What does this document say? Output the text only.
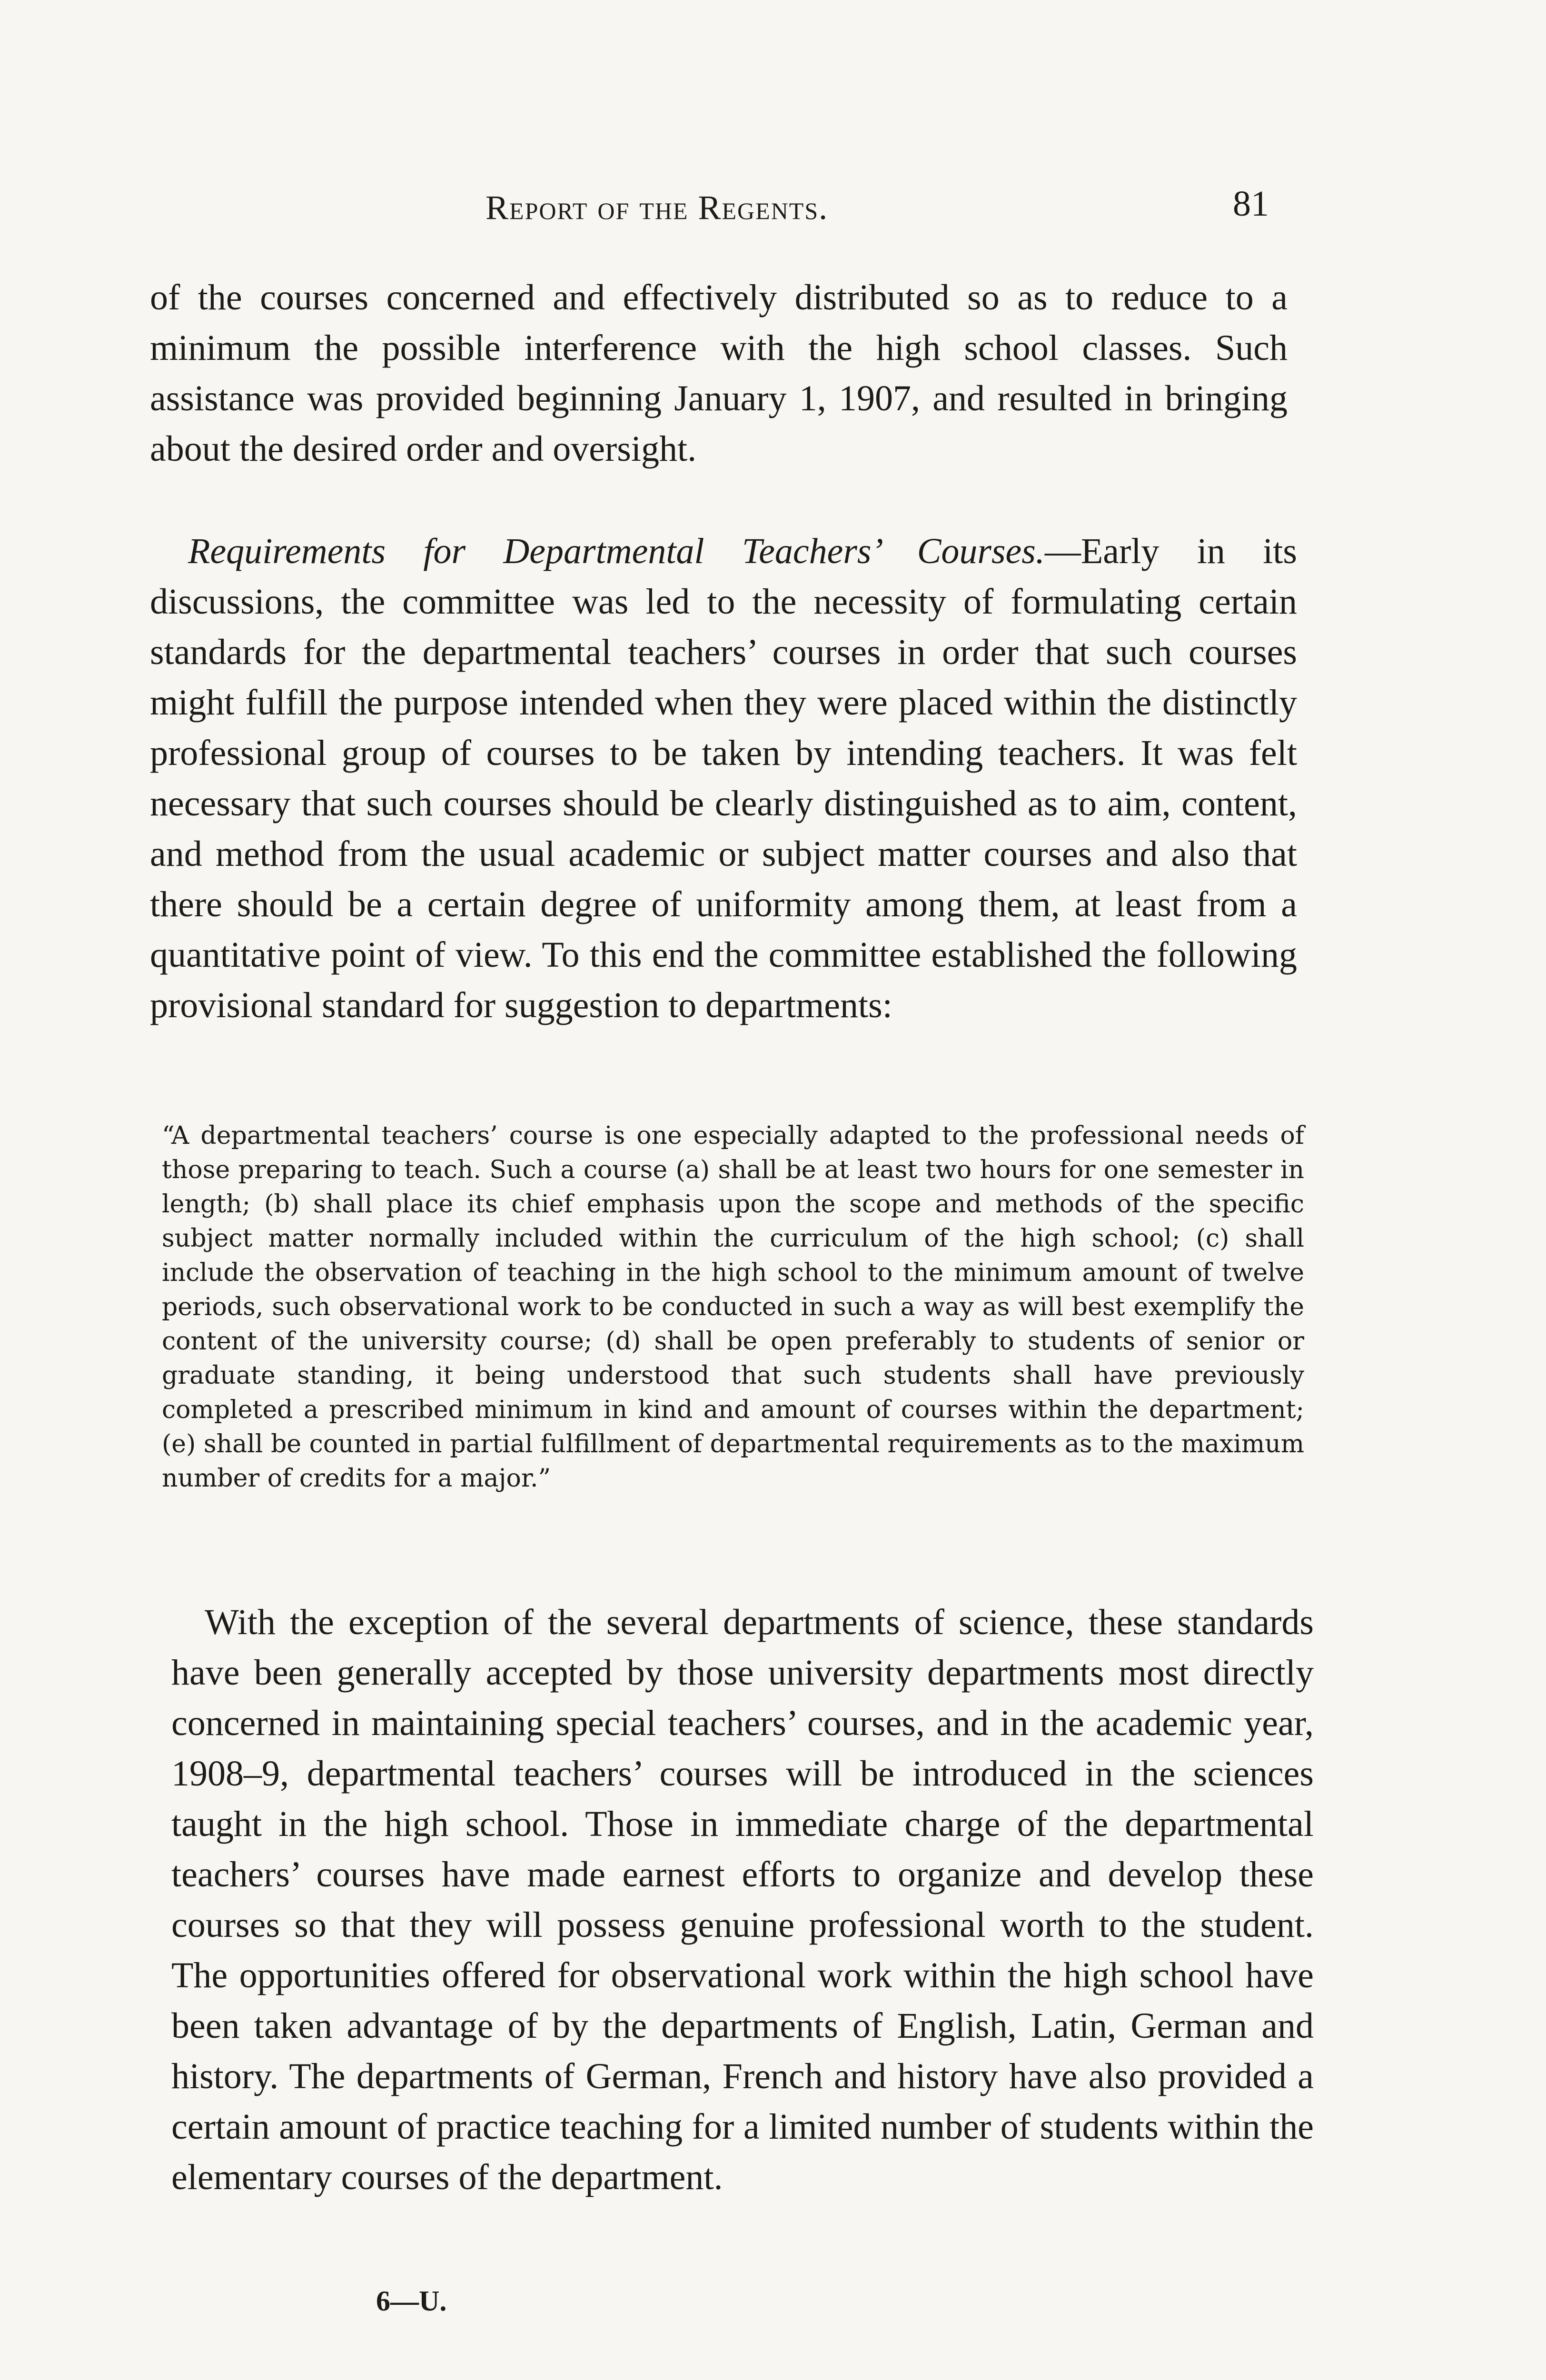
Report of the Regents.	81

of the courses concerned and effectively distributed so as to reduce to a minimum the possible interference with the high school classes. Such assistance was provided beginning January 1, 1907, and resulted in bringing about the desired order and oversight.

Requirements for Departmental Teachers’ Courses.—Early in its discussions, the committee was led to the necessity of formulating certain standards for the departmental teachers’ courses in order that such courses might fulfill the purpose intended when they were placed within the distinctly professional group of courses to be taken by intending teachers. It was felt necessary that such courses should be clearly distinguished as to aim, content, and method from the usual academic or subject matter courses and also that there should be a certain degree of uniformity among them, at least from a quantitative point of view. To this end the committee established the following provisional standard for suggestion to departments:

“A departmental teachers’ course is one especially adapted to the professional needs of those preparing to teach. Such a course (a) shall be at least two hours for one semester in length; (b) shall place its chief emphasis upon the scope and methods of the specific subject matter normally included within the curriculum of the high school; (c) shall include the observation of teaching in the high school to the minimum amount of twelve periods, such observational work to be conducted in such a way as will best exemplify the content of the university course; (d) shall be open preferably to students of senior or graduate standing, it being understood that such students shall have previously completed a prescribed minimum in kind and amount of courses within the department; (e) shall be counted in partial fulfillment of departmental requirements as to the maximum number of credits for a major.”

With the exception of the several departments of science, these standards have been generally accepted by those university departments most directly concerned in maintaining special teachers’ courses, and in the academic year, 1908–9, departmental teachers’ courses will be introduced in the sciences taught in the high school. Those in immediate charge of the departmental teachers’ courses have made earnest efforts to organize and develop these courses so that they will possess genuine professional worth to the student. The opportunities offered for observational work within the high school have been taken advantage of by the departments of English, Latin, German and history. The departments of German, French and history have also provided a certain amount of practice teaching for a limited number of students within the elementary courses of the department.

6—U.
